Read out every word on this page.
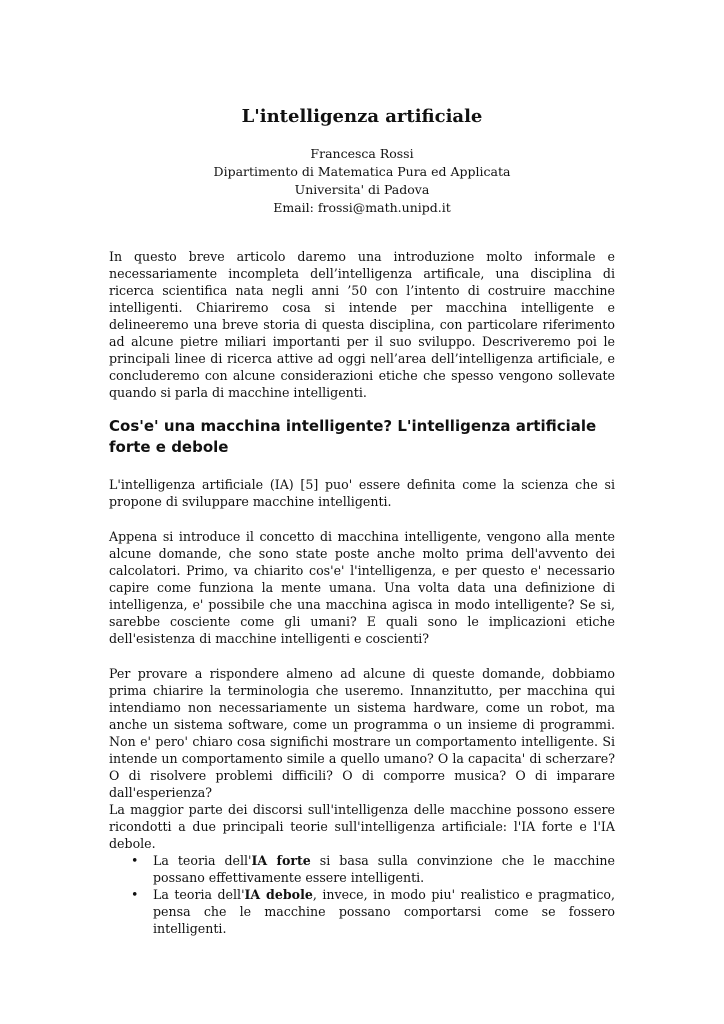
L'intelligenza artificiale
Francesca Rossi
Dipartimento di Matematica Pura ed Applicata
Universita' di Padova
Email: frossi@math.unipd.it

In questo breve articolo daremo una introduzione molto informale e necessariamente incompleta dell’intelligenza artificale, una disciplina di ricerca scientifica nata negli anni ’50 con l’intento di costruire macchine intelligenti. Chiariremo cosa si intende per macchina intelligente e delineeremo una breve storia di questa disciplina, con particolare riferimento ad alcune pietre miliari importanti per il suo sviluppo. Descriveremo poi le principali linee di ricerca attive ad oggi nell’area dell’intelligenza artificiale, e concluderemo con alcune considerazioni etiche che spesso vengono sollevate quando si parla di macchine intelligenti.

Cos'e' una macchina intelligente? L'intelligenza artificiale forte e debole

L'intelligenza artificiale (IA) [5] puo' essere definita come la scienza che si propone di sviluppare macchine intelligenti.

Appena si introduce il concetto di macchina intelligente, vengono alla mente alcune domande, che sono state poste anche molto prima dell'avvento dei calcolatori. Primo, va chiarito cos'e' l'intelligenza, e per questo e' necessario capire come funziona la mente umana. Una volta data una definizione di intelligenza, e' possibile che una macchina agisca in modo intelligente? Se si, sarebbe cosciente come gli umani? E quali sono le implicazioni etiche dell'esistenza di macchine intelligenti e coscienti?

Per provare a rispondere almeno ad alcune di queste domande, dobbiamo prima chiarire la terminologia che useremo. Innanzitutto, per macchina qui intendiamo non necessariamente un sistema hardware, come un robot, ma anche un sistema software, come un programma o un insieme di programmi. Non e' pero' chiaro cosa significhi mostrare un comportamento intelligente. Si intende un comportamento simile a quello umano? O la capacita' di scherzare? O di risolvere problemi difficili? O di comporre musica? O di imparare dall'esperienza?

La maggior parte dei discorsi sull'intelligenza delle macchine possono essere ricondotti a due principali teorie sull'intelligenza artificiale: l'IA forte e l'IA debole.

• La teoria dell'IA forte si basa sulla convinzione che le macchine possano effettivamente essere intelligenti.
• La teoria dell'IA debole, invece, in modo piu' realistico e pragmatico, pensa che le macchine possano comportarsi come se fossero intelligenti.
